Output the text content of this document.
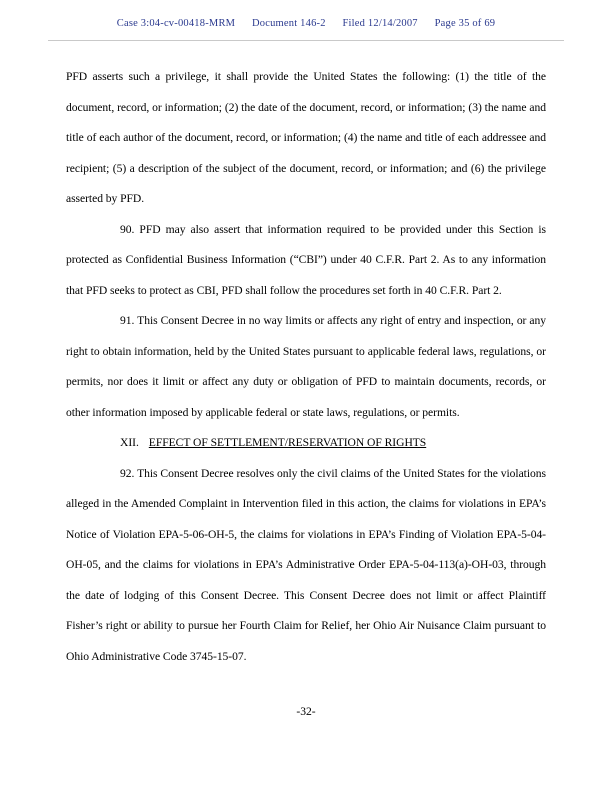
Case 3:04-cv-00418-MRM Document 146-2 Filed 12/14/2007 Page 35 of 69

PFD asserts such a privilege, it shall provide the United States the following: (1) the title of the document, record, or information; (2) the date of the document, record, or information; (3) the name and title of each author of the document, record, or information; (4) the name and title of each addressee and recipient; (5) a description of the subject of the document, record, or information; and (6) the privilege asserted by PFD.

90. PFD may also assert that information required to be provided under this Section is protected as Confidential Business Information (“CBI”) under 40 C.F.R. Part 2. As to any information that PFD seeks to protect as CBI, PFD shall follow the procedures set forth in 40 C.F.R. Part 2.

91. This Consent Decree in no way limits or affects any right of entry and inspection, or any right to obtain information, held by the United States pursuant to applicable federal laws, regulations, or permits, nor does it limit or affect any duty or obligation of PFD to maintain documents, records, or other information imposed by applicable federal or state laws, regulations, or permits.

XII. EFFECT OF SETTLEMENT/RESERVATION OF RIGHTS

92. This Consent Decree resolves only the civil claims of the United States for the violations alleged in the Amended Complaint in Intervention filed in this action, the claims for violations in EPA’s Notice of Violation EPA-5-06-OH-5, the claims for violations in EPA’s Finding of Violation EPA-5-04-OH-05, and the claims for violations in EPA’s Administrative Order EPA-5-04-113(a)-OH-03, through the date of lodging of this Consent Decree. This Consent Decree does not limit or affect Plaintiff Fisher’s right or ability to pursue her Fourth Claim for Relief, her Ohio Air Nuisance Claim pursuant to Ohio Administrative Code 3745-15-07.

-32-
